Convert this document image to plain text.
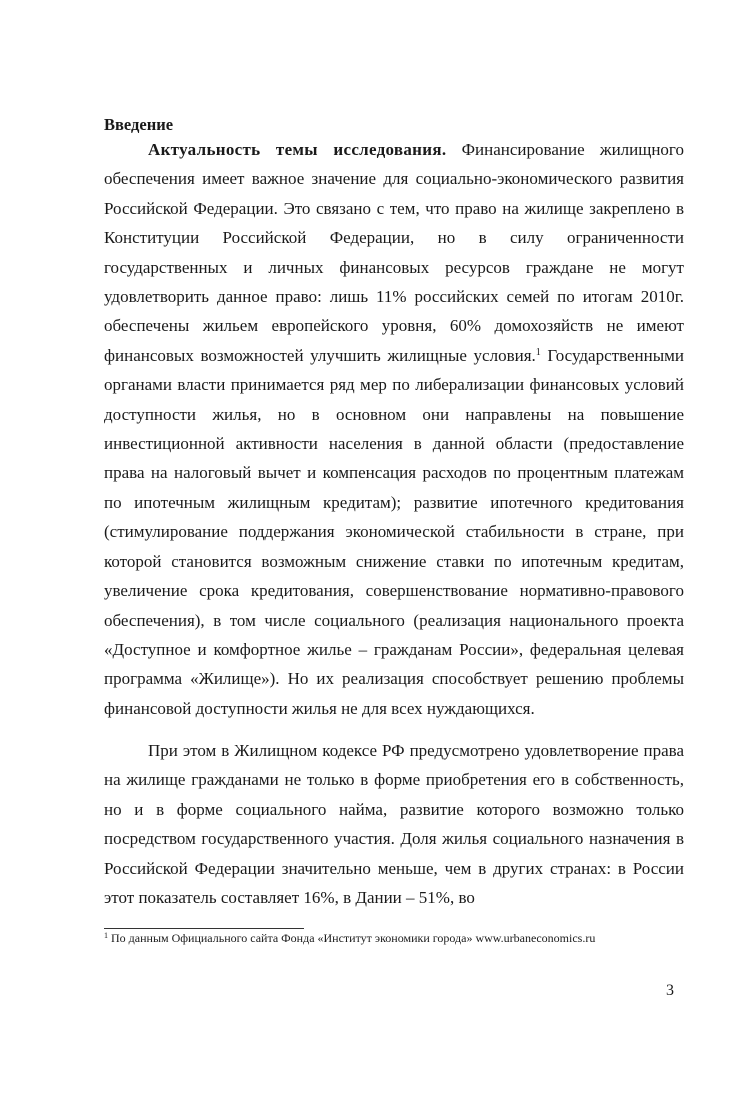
Введение

Актуальность темы исследования. Финансирование жилищного обеспечения имеет важное значение для социально-экономического развития Российской Федерации. Это связано с тем, что право на жилище закреплено в Конституции Российской Федерации, но в силу ограниченности государственных и личных финансовых ресурсов граждане не могут удовлетворить данное право: лишь 11% российских семей по итогам 2010г. обеспечены жильем европейского уровня, 60% домохозяйств не имеют финансовых возможностей улучшить жилищные условия.$^1$ Государственными органами власти принимается ряд мер по либерализации финансовых условий доступности жилья, но в основном они направлены на повышение инвестиционной активности населения в данной области (предоставление права на налоговый вычет и компенсация расходов по процентным платежам по ипотечным жилищным кредитам); развитие ипотечного кредитования (стимулирование поддержания экономической стабильности в стране, при которой становится возможным снижение ставки по ипотечным кредитам, увеличение срока кредитования, совершенствование нормативно-правового обеспечения), в том числе социального (реализация национального проекта «Доступное и комфортное жилье – гражданам России», федеральная целевая программа «Жилище»). Но их реализация способствует решению проблемы финансовой доступности жилья не для всех нуждающихся.

При этом в Жилищном кодексе РФ предусмотрено удовлетворение права на жилище гражданами не только в форме приобретения его в собственность, но и в форме социального найма, развитие которого возможно только посредством государственного участия. Доля жилья социального назначения в Российской Федерации значительно меньше, чем в других странах: в России этот показатель составляет 16%, в Дании – 51%, во

$^1$ По данным Официального сайта Фонда «Институт экономики города» www.urbaneconomics.ru

3
